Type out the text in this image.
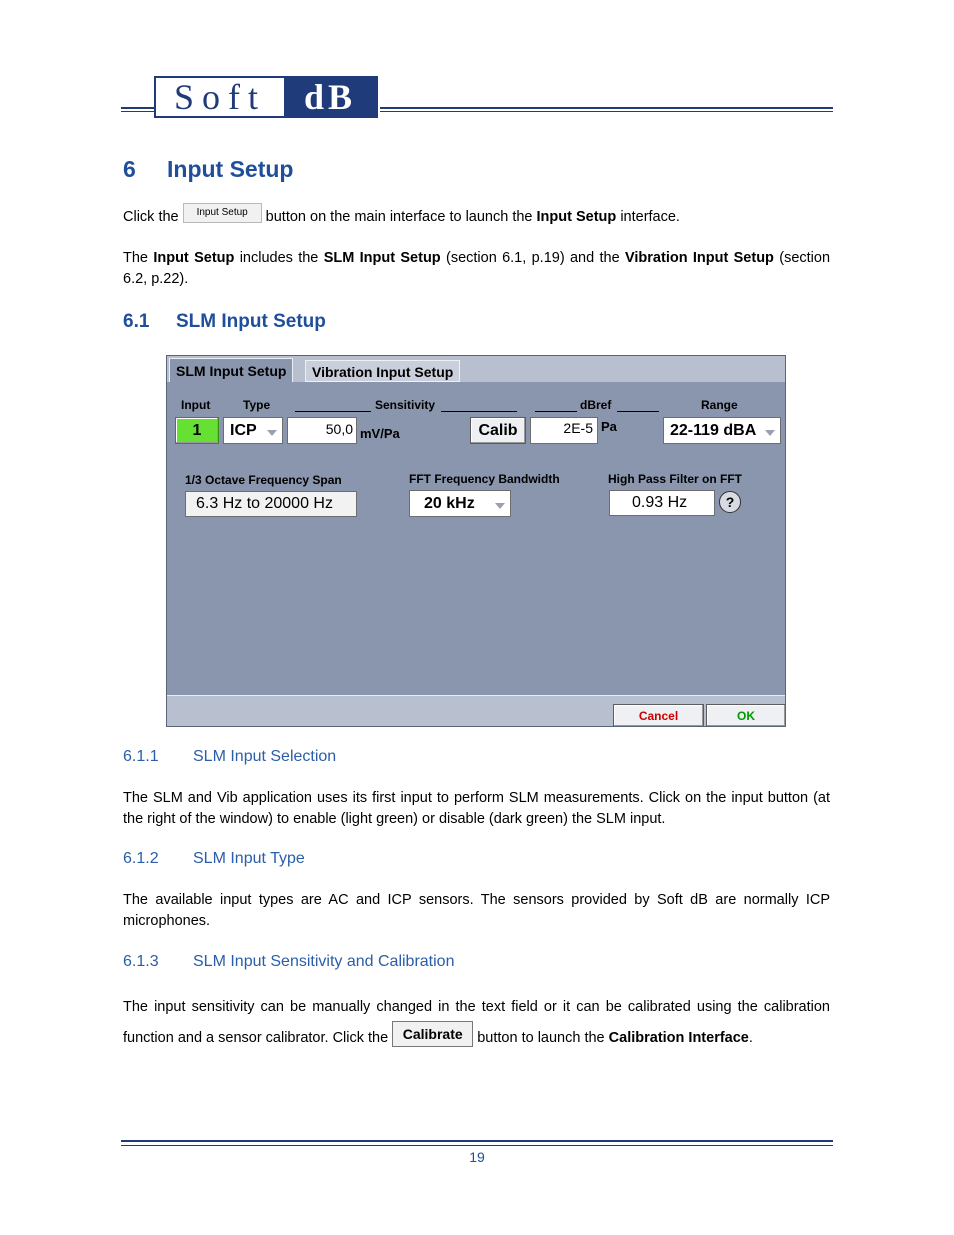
Soft	dB
6 Input Setup
Click the Input Setup button on the main interface to launch the Input Setup interface.
The Input Setup includes the SLM Input Setup (section 6.1, p.19) and the Vibration Input Setup (section 6.2, p.22).
6.1 SLM Input Setup
SLM Input Setup	Vibration Input Setup
Input	Type	Sensitivity	dBref	Range
1	ICP	50,0 mV/Pa	Calib	2E-5 Pa	22-119 dBA
1/3 Octave Frequency Span
6.3 Hz to 20000 Hz
FFT Frequency Bandwidth
20 kHz
High Pass Filter on FFT
0.93 Hz	?
Cancel	OK
6.1.1 SLM Input Selection
The SLM and Vib application uses its first input to perform SLM measurements. Click on the input button (at the right of the window) to enable (light green) or disable (dark green) the SLM input.
6.1.2 SLM Input Type
The available input types are AC and ICP sensors. The sensors provided by Soft dB are normally ICP microphones.
6.1.3 SLM Input Sensitivity and Calibration
The input sensitivity can be manually changed in the text field or it can be calibrated using the calibration function and a sensor calibrator. Click the Calibrate button to launch the Calibration Interface.
19
